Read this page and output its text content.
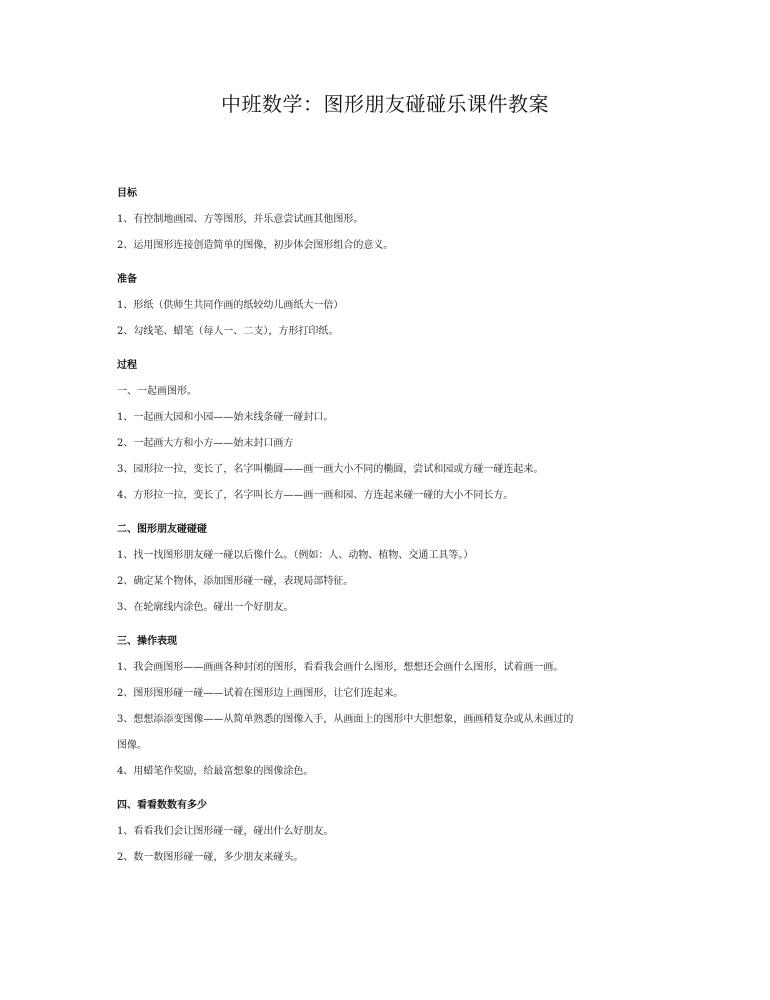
中班数学：图形朋友碰碰乐课件教案
目标
1、有控制地画园、方等图形，并乐意尝试画其他图形。
2、运用图形连接创造简单的图像，初步体会图形组合的意义。
准备
1、形纸（供师生共同作画的纸较幼儿画纸大一倍）
2、勾线笔、蜡笔（每人一、二支），方形打印纸。
过程
一、一起画图形。
1、一起画大园和小园——始末线条碰一碰封口。
2、一起画大方和小方——始末封口画方
3、园形拉一拉，变长了，名字叫椭圆——画一画大小不同的椭圆，尝试和园或方碰一碰连起来。
4、方形拉一拉，变长了，名字叫长方——画一画和园、方连起来碰一碰的大小不同长方。
二、图形朋友碰碰碰
1、找一找图形朋友碰一碰以后像什么。（例如：人、动物、植物、交通工具等。）
2、确定某个物体，添加图形碰一碰，表现局部特征。
3、在轮廓线内涂色。碰出一个好朋友。
三、操作表现
1、我会画图形——画画各种封闭的图形，看看我会画什么图形，想想还会画什么图形，试着画一画。
2、图形图形碰一碰——试着在图形边上画图形，让它们连起来。
3、想想添添变图像——从简单熟悉的图像入手，从画面上的图形中大胆想象，画画稍复杂或从未画过的
图像。
4、用蜡笔作奖励，给最富想象的图像涂色。
四、看看数数有多少
1、看看我们会让图形碰一碰，碰出什么好朋友。
2、数一数图形碰一碰，多少朋友来碰头。
